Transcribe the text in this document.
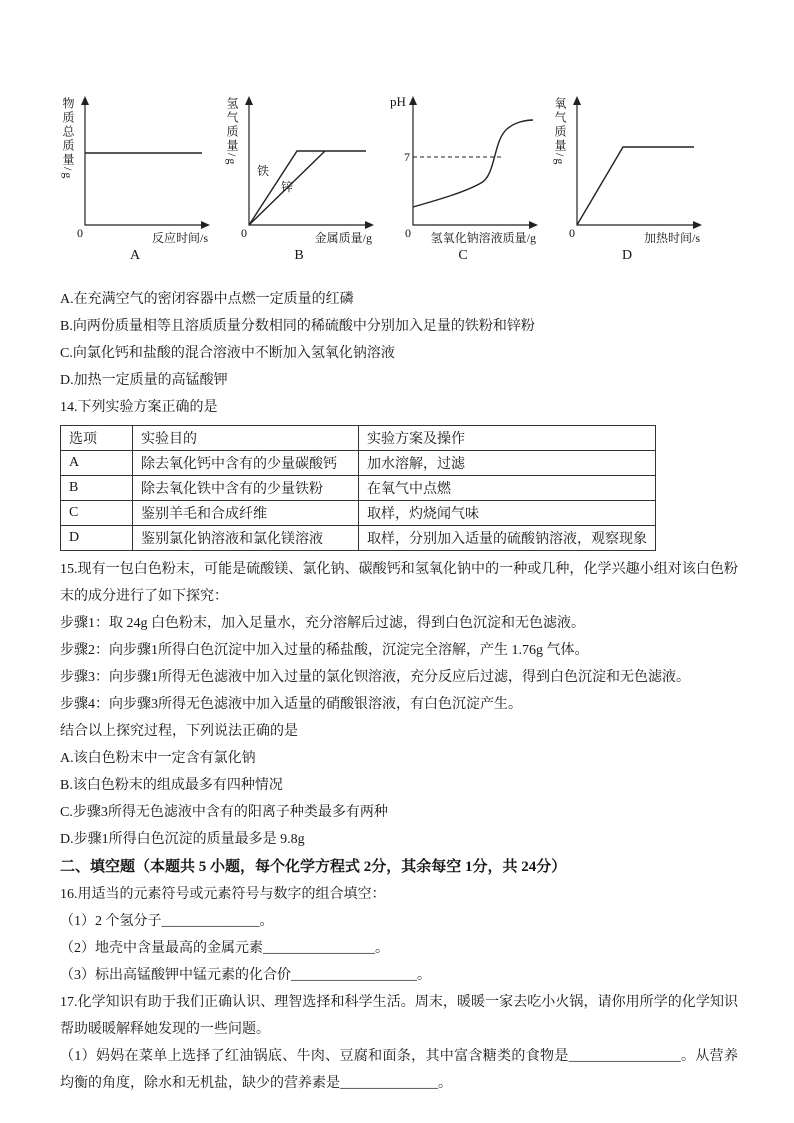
物质总质量/g
0	反应时间/s
A
氢气质量/g
铁
锌
0	金属质量/g
B
pH
7
0	氢氧化钠溶液质量/g
C
氧气质量/g
0	加热时间/s
D
A.在充满空气的密闭容器中点燃一定质量的红磷
B.向两份质量相等且溶质质量分数相同的稀硫酸中分别加入足量的铁粉和锌粉
C.向氯化钙和盐酸的混合溶液中不断加入氢氧化钠溶液
D.加热一定质量的高锰酸钾
14.下列实验方案正确的是
选项	实验目的	实验方案及操作
A	除去氧化钙中含有的少量碳酸钙	加水溶解，过滤
B	除去氧化铁中含有的少量铁粉	在氧气中点燃
C	鉴别羊毛和合成纤维	取样，灼烧闻气味
D	鉴别氯化钠溶液和氯化镁溶液	取样，分别加入适量的硫酸钠溶液，观察现象
15.现有一包白色粉末，可能是硫酸镁、氯化钠、碳酸钙和氢氧化钠中的一种或几种，化学兴趣小组对该白色粉末的成分进行了如下探究：
步骤1：取 24g 白色粉末，加入足量水，充分溶解后过滤，得到白色沉淀和无色滤液。
步骤2：向步骤1所得白色沉淀中加入过量的稀盐酸，沉淀完全溶解，产生 1.76g 气体。
步骤3：向步骤1所得无色滤液中加入过量的氯化钡溶液，充分反应后过滤，得到白色沉淀和无色滤液。
步骤4：向步骤3所得无色滤液中加入适量的硝酸银溶液，有白色沉淀产生。
结合以上探究过程，下列说法正确的是
A.该白色粉末中一定含有氯化钠
B.该白色粉末的组成最多有四种情况
C.步骤3所得无色滤液中含有的阳离子种类最多有两种
D.步骤1所得白色沉淀的质量最多是 9.8g
二、填空题（本题共 5 小题，每个化学方程式 2分，其余每空 1分，共 24分）
16.用适当的元素符号或元素符号与数字的组合填空：
（1）2 个氢分子______________。
（2）地壳中含量最高的金属元素________________。
（3）标出高锰酸钾中锰元素的化合价__________________。
17.化学知识有助于我们正确认识、理智选择和科学生活。周末，暖暖一家去吃小火锅，请你用所学的化学知识帮助暖暖解释她发现的一些问题。
（1）妈妈在菜单上选择了红油锅底、牛肉、豆腐和面条，其中富含糖类的食物是________________。从营养均衡的角度，除水和无机盐，缺少的营养素是______________。
